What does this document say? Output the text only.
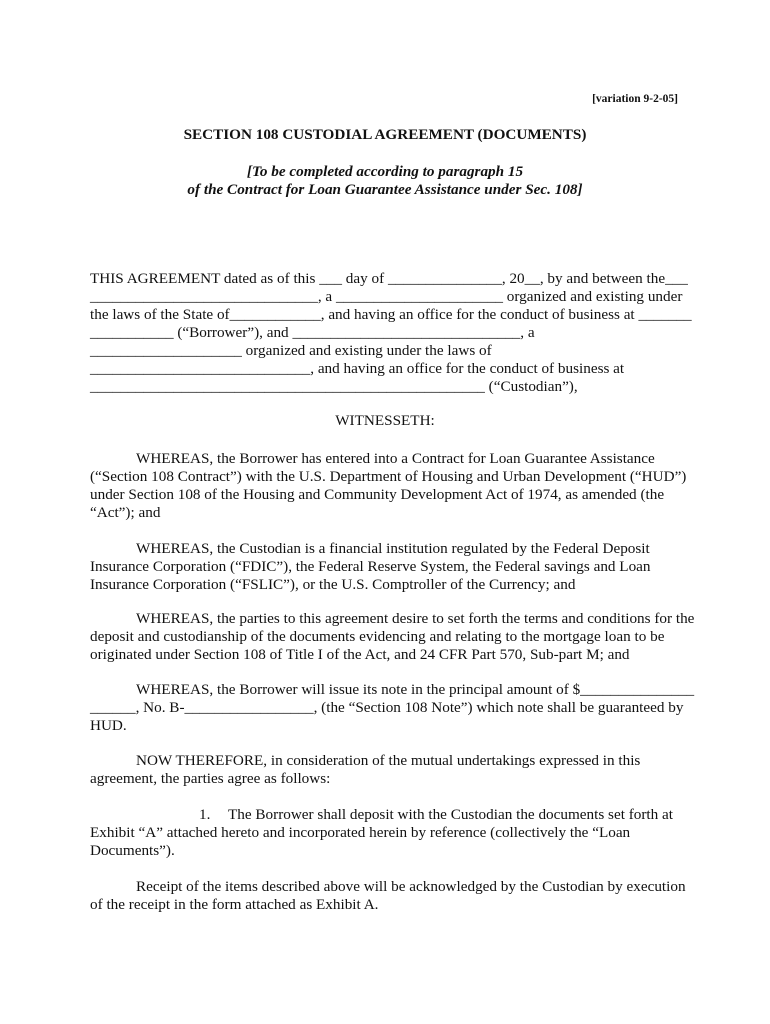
[variation 9-2-05]
SECTION 108 CUSTODIAL AGREEMENT (DOCUMENTS)
[To be completed according to paragraph 15
of the Contract for Loan Guarantee Assistance under Sec. 108]
THIS AGREEMENT dated as of this ___ day of _______________, 20__, by and between the___
______________________________, a ______________________ organized and existing under
the laws of the State of____________, and having an office for the conduct of business at _______
___________ (“Borrower”), and ______________________________, a
____________________ organized and existing under the laws of
_____________________________, and having an office for the conduct of business at
____________________________________________________ (“Custodian”),
WITNESSETH:
WHEREAS, the Borrower has entered into a Contract for Loan Guarantee Assistance
(“Section 108 Contract”) with the U.S. Department of Housing and Urban Development (“HUD”)
under Section 108 of the Housing and Community Development Act of 1974, as amended (the
“Act”); and
WHEREAS, the Custodian is a financial institution regulated by the Federal Deposit
Insurance Corporation (“FDIC”), the Federal Reserve System, the Federal savings and Loan
Insurance Corporation (“FSLIC”), or the U.S. Comptroller of the Currency; and
WHEREAS, the parties to this agreement desire to set forth the terms and conditions for the
deposit and custodianship of the documents evidencing and relating to the mortgage loan to be
originated under Section 108 of Title I of the Act, and 24 CFR Part 570, Sub-part M; and
WHEREAS, the Borrower will issue its note in the principal amount of $_______________
______, No. B-_________________, (the “Section 108 Note”) which note shall be guaranteed by
HUD.
NOW THEREFORE, in consideration of the mutual undertakings expressed in this
agreement, the parties agree as follows:
1. The Borrower shall deposit with the Custodian the documents set forth at
Exhibit “A” attached hereto and incorporated herein by reference (collectively the “Loan
Documents”).
Receipt of the items described above will be acknowledged by the Custodian by execution
of the receipt in the form attached as Exhibit A.
